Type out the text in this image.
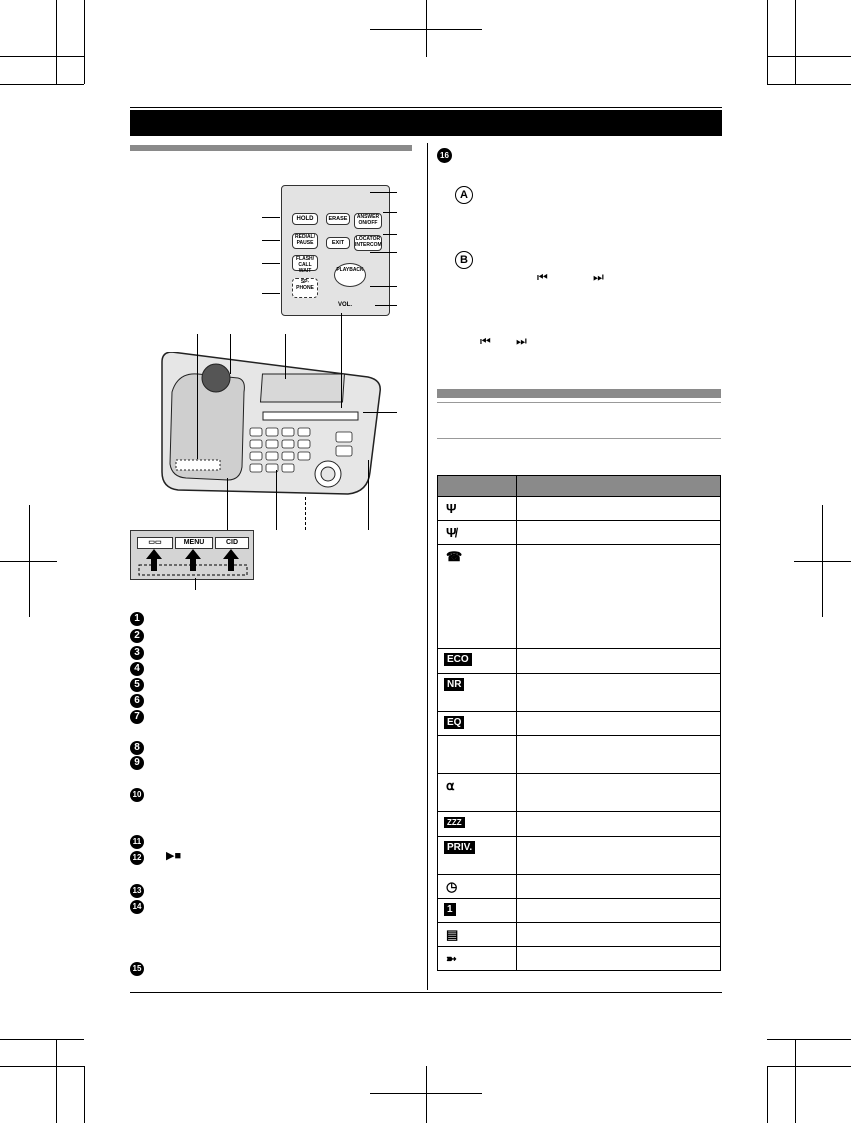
HOLD
REDIAL/ PAUSE
FLASH/ CALL WAIT
SP-PHONE
ERASE	ANSWER ON/OFF
EXIT
LOCATOR INTERCOM
PLAYBACK
VOL.
▭▭	MENU	CID
1
2
3
4
5
6
7
8
9
10
11
12 ▶■
13
14
15
16
A
B
⏮	⏭
⏮ ⏭

Ψ	
Ψ̸	
☎	
ECO	
NR	
EQ	

⍺	
ZZZ	
PRIV.	
◷	
1	
▤	
➼	
